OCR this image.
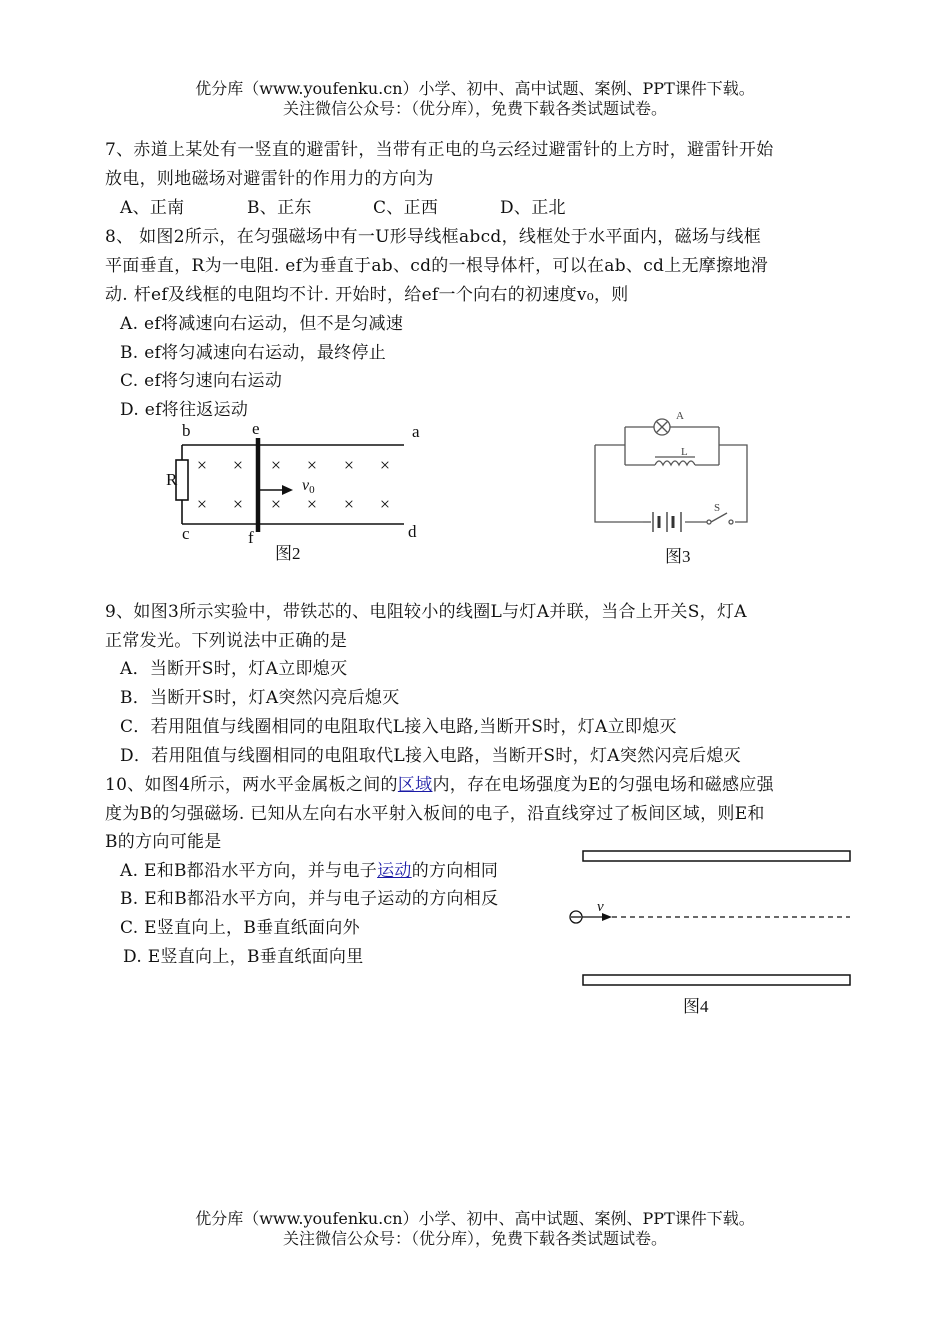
优分库（www.youfenku.cn）小学、初中、高中试题、案例、PPT课件下载。
关注微信公众号：（优分库），免费下载各类试题试卷。
7、赤道上某处有一竖直的避雷针，当带有正电的乌云经过避雷针的上方时，避雷针开始
放电，则地磁场对避雷针的作用力的方向为
A、正南	B、正东	C、正西	D、正北
8、 如图2所示，在匀强磁场中有一U形导线框abcd，线框处于水平面内，磁场与线框
平面垂直，R为一电阻. ef为垂直于ab、cd的一根导体杆，可以在ab、cd上无摩擦地滑
动. 杆ef及线框的电阻均不计. 开始时，给ef一个向右的初速度v₀，则
A. ef将减速向右运动，但不是匀减速
B. ef将匀减速向右运动，最终停止
C. ef将匀速向右运动
D. ef将往返运动
× × × × × ×
× × × × × ×
v0
b	e	a
R
c	f	d
图2
A
L
S
图3
9、如图3所示实验中，带铁芯的、电阻较小的线圈L与灯A并联，当合上开关S，灯A
正常发光。下列说法中正确的是
A．当断开S时，灯A立即熄灭
B．当断开S时，灯A突然闪亮后熄灭
C．若用阻值与线圈相同的电阻取代L接入电路,当断开S时，灯A立即熄灭
D．若用阻值与线圈相同的电阻取代L接入电路，当断开S时，灯A突然闪亮后熄灭
10、如图4所示，两水平金属板之间的区域内，存在电场强度为E的匀强电场和磁感应强
度为B的匀强磁场. 已知从左向右水平射入板间的电子，沿直线穿过了板间区域，则E和
B的方向可能是
A. E和B都沿水平方向，并与电子运动的方向相同
B. E和B都沿水平方向，并与电子运动的方向相反
C. E竖直向上，B垂直纸面向外
D. E竖直向上，B垂直纸面向里
v
图4
优分库（www.youfenku.cn）小学、初中、高中试题、案例、PPT课件下载。
关注微信公众号：（优分库），免费下载各类试题试卷。
